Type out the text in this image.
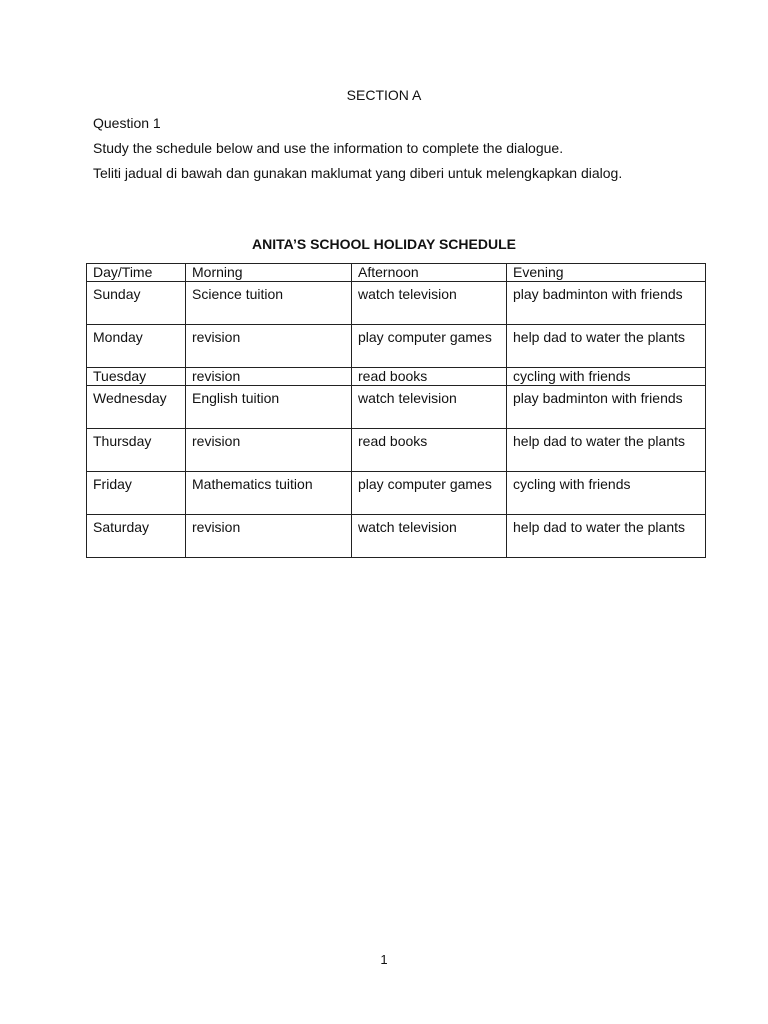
SECTION A
Question 1
Study the schedule below and use the information to complete the dialogue.
Teliti jadual di bawah dan gunakan maklumat yang diberi untuk melengkapkan dialog.
ANITA’S SCHOOL HOLIDAY SCHEDULE
Day/Time	Morning	Afternoon	Evening
Sunday	Science tuition	watch television	play badminton with friends
Monday	revision	play computer games	help dad to water the plants
Tuesday	revision	read books	cycling with friends
Wednesday	English tuition	watch television	play badminton with friends
Thursday	revision	read books	help dad to water the plants
Friday	Mathematics tuition	play computer games	cycling with friends
Saturday	revision	watch television	help dad to water the plants
1
